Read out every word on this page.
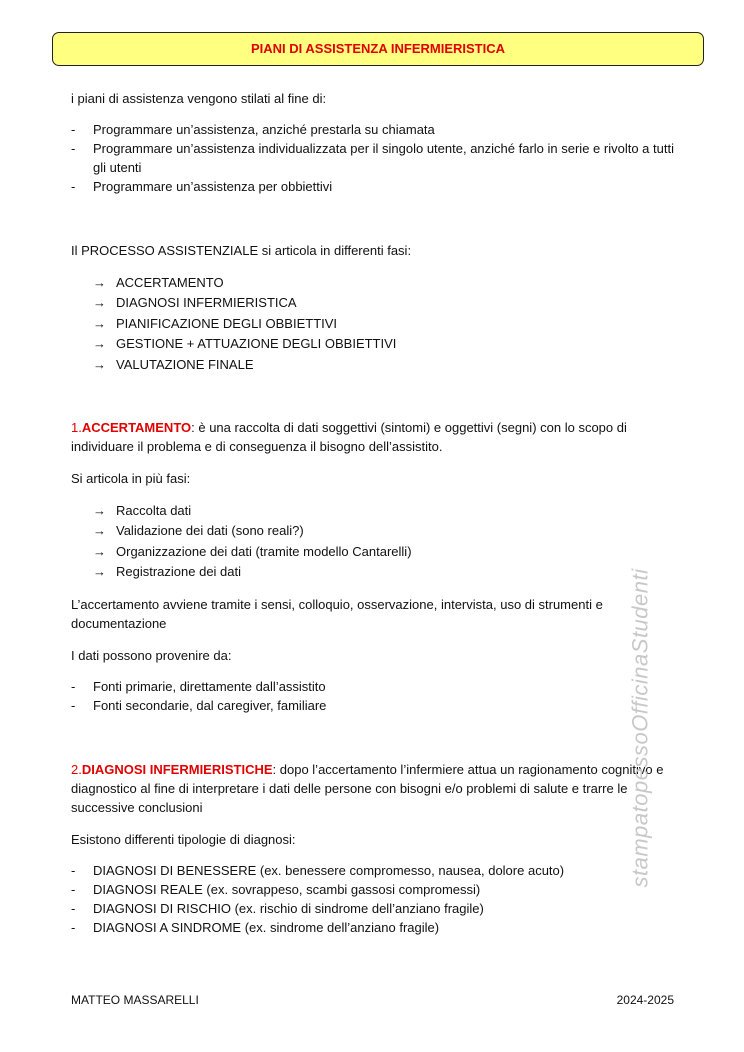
PIANI DI ASSISTENZA INFERMIERISTICA

i piani di assistenza vengono stilati al fine di:

- Programmare un’assistenza, anziché prestarla su chiamata
- Programmare un’assistenza individualizzata per il singolo utente, anziché farlo in serie e rivolto a tutti gli utenti
- Programmare un’assistenza per obbiettivi

Il PROCESSO ASSISTENZIALE si articola in differenti fasi:

→ ACCERTAMENTO
→ DIAGNOSI INFERMIERISTICA
→ PIANIFICAZIONE DEGLI OBBIETTIVI
→ GESTIONE + ATTUAZIONE DEGLI OBBIETTIVI
→ VALUTAZIONE FINALE

1.ACCERTAMENTO: è una raccolta di dati soggettivi (sintomi) e oggettivi (segni) con lo scopo di individuare il problema e di conseguenza il bisogno dell’assistito.

Si articola in più fasi:

→ Raccolta dati
→ Validazione dei dati (sono reali?)
→ Organizzazione dei dati (tramite modello Cantarelli)
→ Registrazione dei dati

L’accertamento avviene tramite i sensi, colloquio, osservazione, intervista, uso di strumenti e documentazione

I dati possono provenire da:

- Fonti primarie, direttamente dall’assistito
- Fonti secondarie, dal caregiver, familiare

2.DIAGNOSI INFERMIERISTICHE: dopo l’accertamento l’infermiere attua un ragionamento cognitivo e diagnostico al fine di interpretare i dati delle persone con bisogni e/o problemi di salute e trarre le successive conclusioni

Esistono differenti tipologie di diagnosi:

- DIAGNOSI DI BENESSERE (ex. benessere compromesso, nausea, dolore acuto)
- DIAGNOSI REALE (ex. sovrappeso, scambi gassosi compromessi)
- DIAGNOSI DI RISCHIO (ex. rischio di sindrome dell’anziano fragile)
- DIAGNOSI A SINDROME (ex. sindrome dell’anziano fragile)
stampatopessoOfficinaStudenti
MATTEO MASSARELLI	2024-2025
